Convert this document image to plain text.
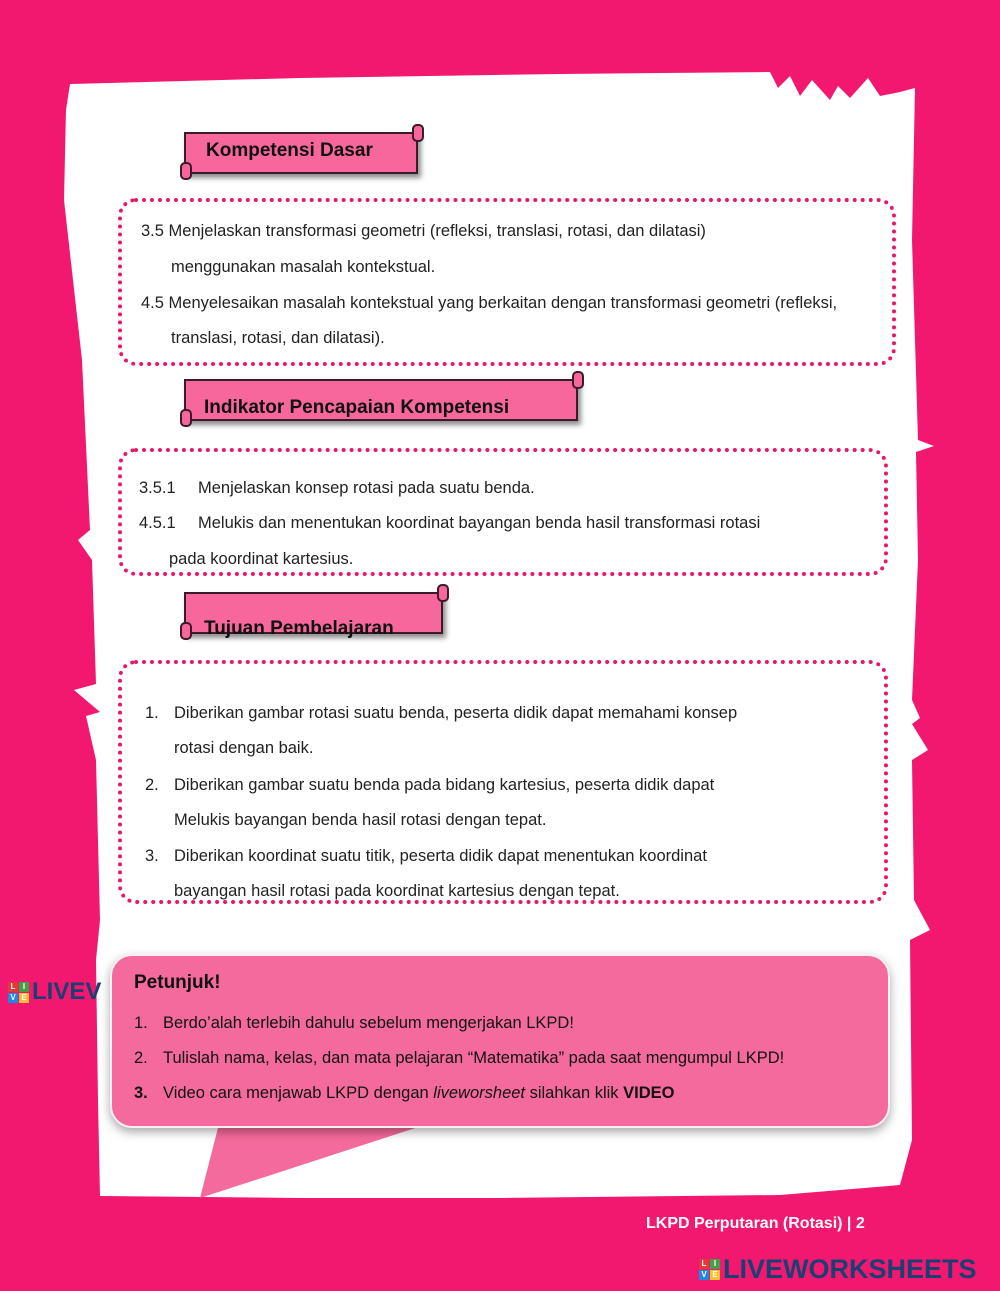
Kompetensi Dasar
3.5 Menjelaskan transformasi geometri (refleksi, translasi, rotasi, dan dilatasi)
menggunakan masalah kontekstual.
4.5 Menyelesaikan masalah kontekstual yang berkaitan dengan transformasi geometri (refleksi,
translasi, rotasi, dan dilatasi).
Indikator Pencapaian Kompetensi
3.5.1 Menjelaskan konsep rotasi pada suatu benda.
4.5.1 Melukis dan menentukan koordinat bayangan benda hasil transformasi rotasi
pada koordinat kartesius.
Tujuan Pembelajaran
1. Diberikan gambar rotasi suatu benda, peserta didik dapat memahami konsep
rotasi dengan baik.
2. Diberikan gambar suatu benda pada bidang kartesius, peserta didik dapat
Melukis bayangan benda hasil rotasi dengan tepat.
3. Diberikan koordinat suatu titik, peserta didik dapat menentukan koordinat
bayangan hasil rotasi pada koordinat kartesius dengan tepat.
L I
V E LIVEV Petunjuk!
1. Berdo’alah terlebih dahulu sebelum mengerjakan LKPD!
2. Tulislah nama, kelas, dan mata pelajaran “Matematika” pada saat mengumpul LKPD!
3. Video cara menjawab LKPD dengan liveworsheet silahkan klik VIDEO
LKPD Perputaran (Rotasi) | 2
L I
V E LIVEWORKSHEETS
